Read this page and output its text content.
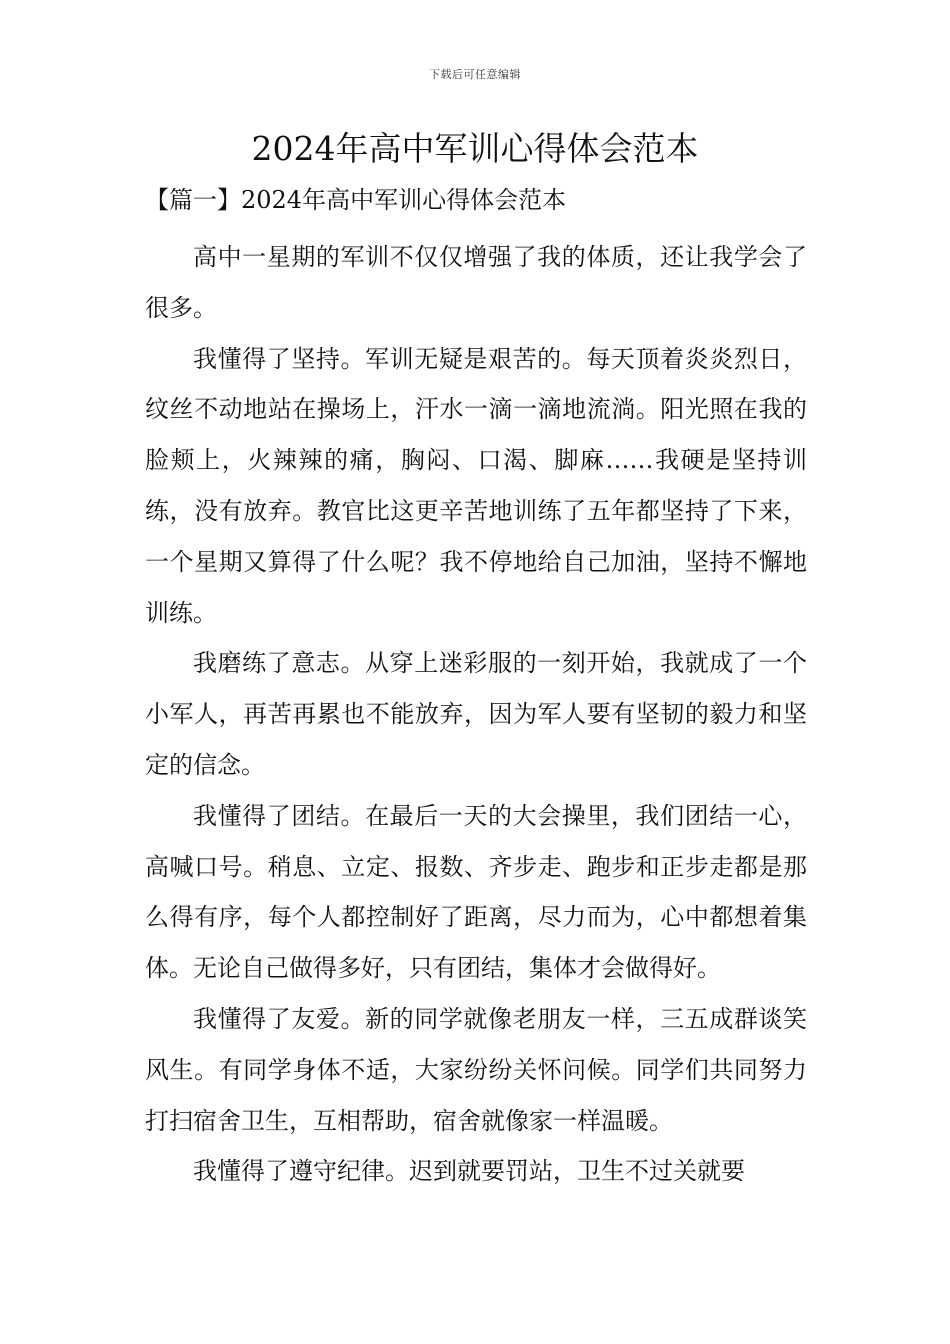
下载后可任意编辑
2024年高中军训心得体会范本
【篇一】2024年高中军训心得体会范本

高中一星期的军训不仅仅增强了我的体质，还让我学会了很多。

我懂得了坚持。军训无疑是艰苦的。每天顶着炎炎烈日，纹丝不动地站在操场上，汗水一滴一滴地流淌。阳光照在我的脸颊上，火辣辣的痛，胸闷、口渴、脚麻……我硬是坚持训练，没有放弃。教官比这更辛苦地训练了五年都坚持了下来，一个星期又算得了什么呢？我不停地给自己加油，坚持不懈地训练。

我磨练了意志。从穿上迷彩服的一刻开始，我就成了一个小军人，再苦再累也不能放弃，因为军人要有坚韧的毅力和坚定的信念。

我懂得了团结。在最后一天的大会操里，我们团结一心，高喊口号。稍息、立定、报数、齐步走、跑步和正步走都是那么得有序，每个人都控制好了距离，尽力而为，心中都想着集体。无论自己做得多好，只有团结，集体才会做得好。

我懂得了友爱。新的同学就像老朋友一样，三五成群谈笑风生。有同学身体不适，大家纷纷关怀问候。同学们共同努力打扫宿舍卫生，互相帮助，宿舍就像家一样温暖。

我懂得了遵守纪律。迟到就要罚站，卫生不过关就要
